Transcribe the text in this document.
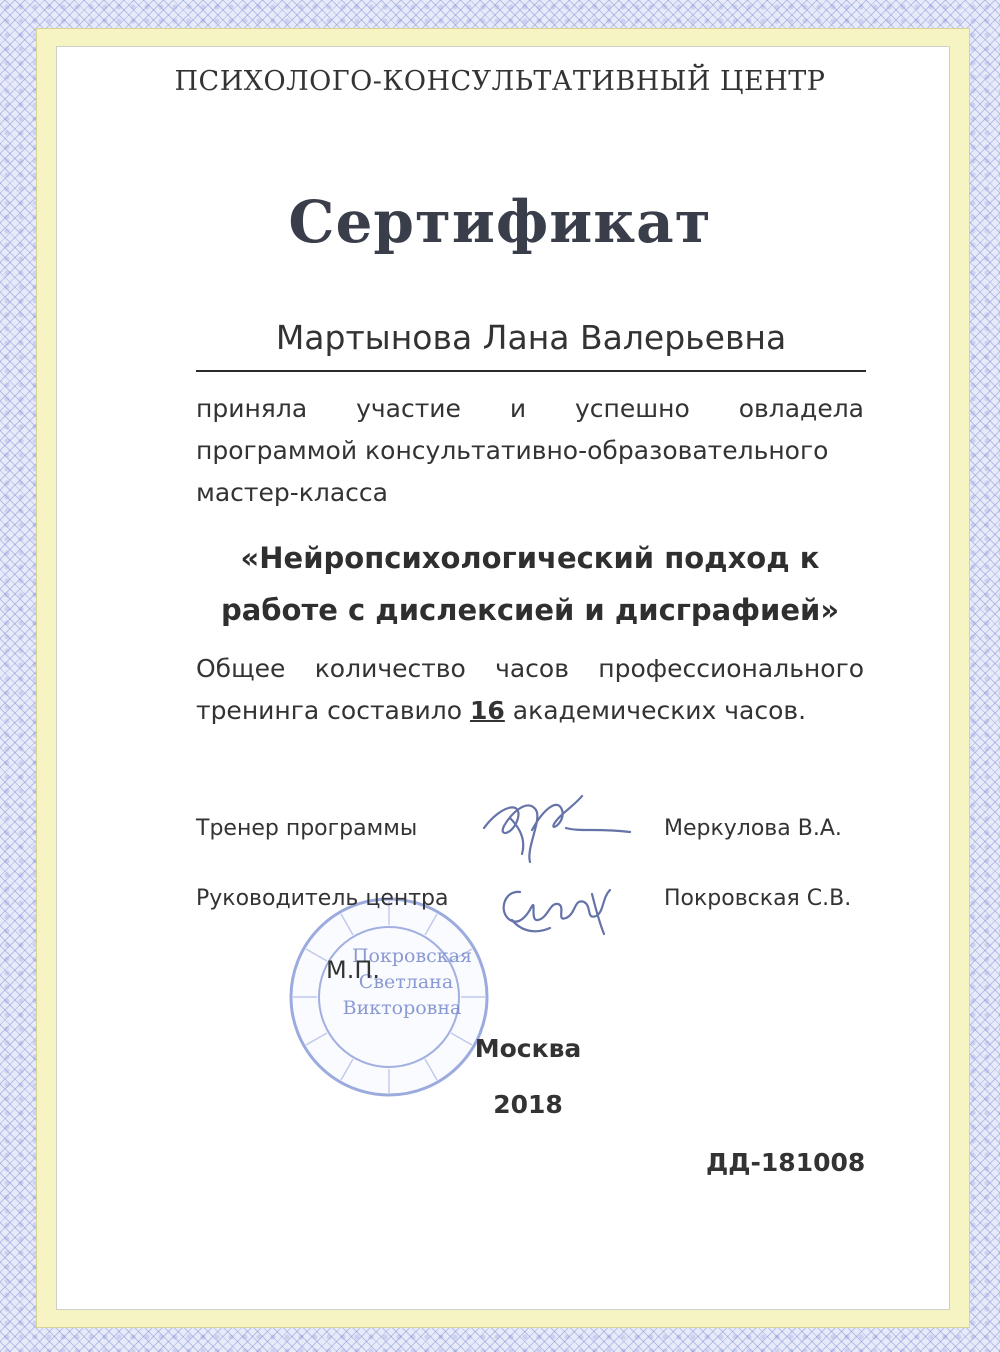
ПСИХОЛОГО-КОНСУЛЬТАТИВНЫЙ ЦЕНТР
Сертификат
Мартынова Лана Валерьевна
приняла участие и успешно овладела
программой консультативно-образовательного
мастер-класса
«Нейропсихологический подход к
работе с дислексией и дисграфией»
Общее количество часов профессионального
тренинга составило 16 академических часов.
Покровская
Светлана
Викторовна
Тренер программы	Меркулова В.А.
Руководитель центра	Покровская С.В.
М.П.
Москва
2018
ДД-181008
